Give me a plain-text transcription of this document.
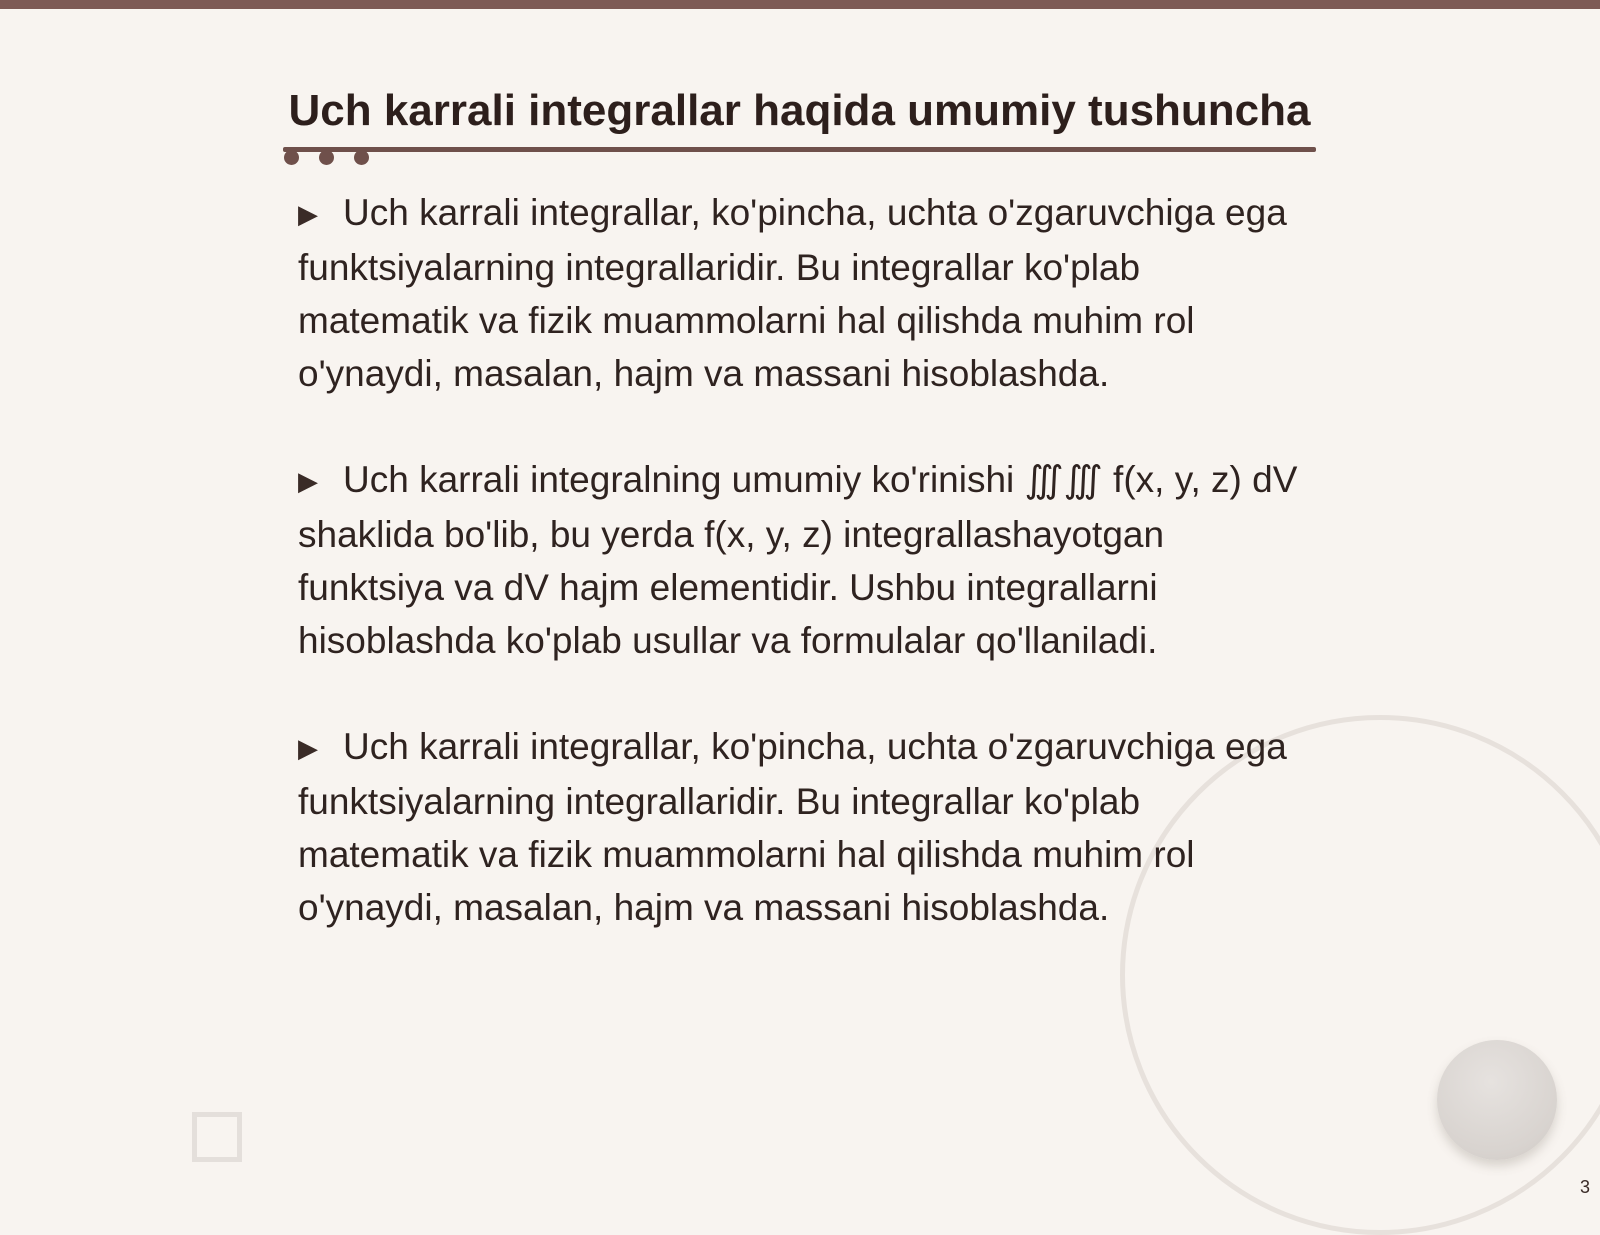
Uch karrali integrallar haqida umumiy tushuncha

▶ Uch karrali integrallar, ko'pincha, uchta o'zgaruvchiga ega funktsiyalarning integrallaridir. Bu integrallar ko'plab matematik va fizik muammolarni hal qilishda muhim rol o'ynaydi, masalan, hajm va massani hisoblashda.

▶ Uch karrali integralning umumiy ko'rinishi ∭∭ f(x, y, z) dV shaklida bo'lib, bu yerda f(x, y, z) integrallashayotgan funktsiya va dV hajm elementidir. Ushbu integrallarni hisoblashda ko'plab usullar va formulalar qo'llaniladi.

▶ Uch karrali integrallar, ko'pincha, uchta o'zgaruvchiga ega funktsiyalarning integrallaridir. Bu integrallar ko'plab matematik va fizik muammolarni hal qilishda muhim rol o'ynaydi, masalan, hajm va massani hisoblashda.

3
